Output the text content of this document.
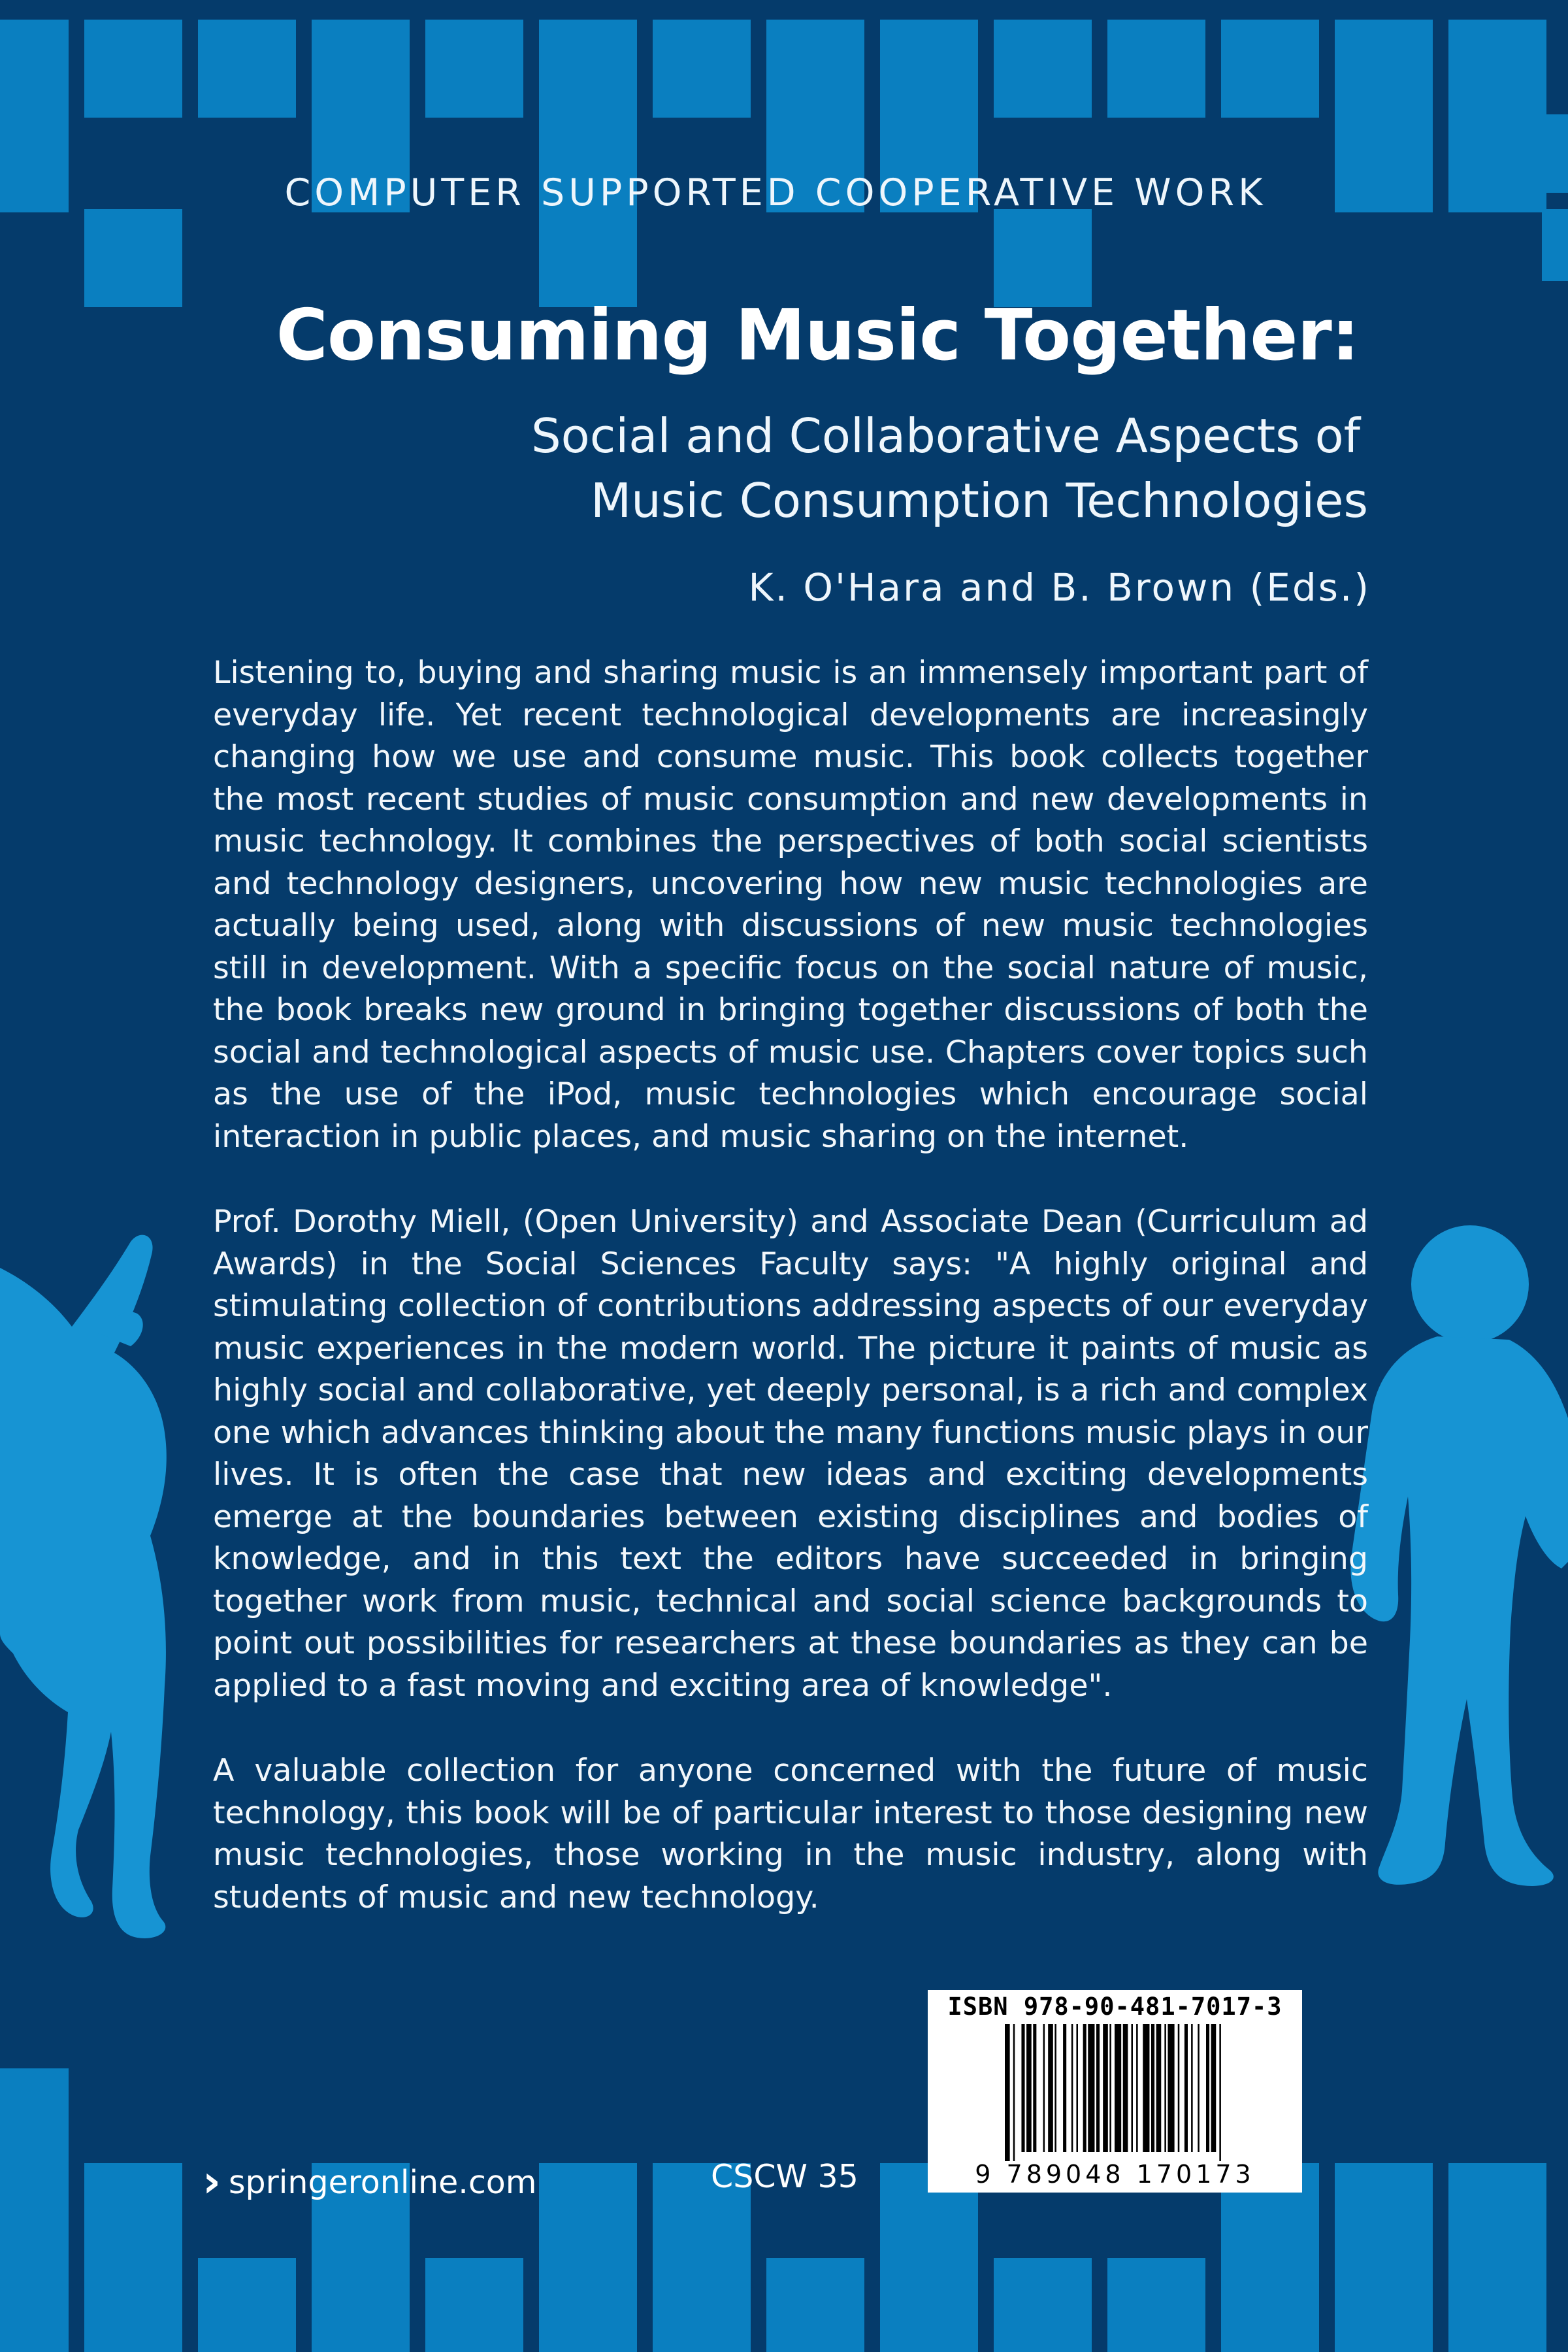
COMPUTER SUPPORTED COOPERATIVE WORK
Consuming Music Together:
Social and Collaborative Aspects of
Music Consumption Technologies
K. O'Hara and B. Brown (Eds.)

Listening to, buying and sharing music is an immensely important part of everyday life. Yet recent technological developments are increasingly changing how we use and consume music. This book collects together the most recent studies of music consumption and new developments in music technology. It combines the perspectives of both social scientists and technology designers, uncovering how new music technologies are actually being used, along with discussions of new music technologies still in development. With a specific focus on the social nature of music, the book breaks new ground in bringing together discussions of both the social and technological aspects of music use. Chapters cover topics such as the use of the iPod, music technologies which encourage social interaction in public places, and music sharing on the internet.

Prof. Dorothy Miell, (Open University) and Associate Dean (Curriculum ad Awards) in the Social Sciences Faculty says: "A highly original and stimulating collection of contributions addressing aspects of our everyday music experiences in the modern world. The picture it paints of music as highly social and collaborative, yet deeply personal, is a rich and complex one which advances thinking about the many functions music plays in our lives. It is often the case that new ideas and exciting developments emerge at the boundaries between existing disciplines and bodies of knowledge, and in this text the editors have succeeded in bringing together work from music, technical and social science backgrounds to point out possibilities for researchers at these boundaries as they can be applied to a fast moving and exciting area of knowledge".

A valuable collection for anyone concerned with the future of music technology, this book will be of particular interest to those designing new music technologies, those working in the music industry, along with students of music and new technology.

ISBN 978-90-481-7017-3
9 789048 170173
› springeronline.com	CSCW 35
